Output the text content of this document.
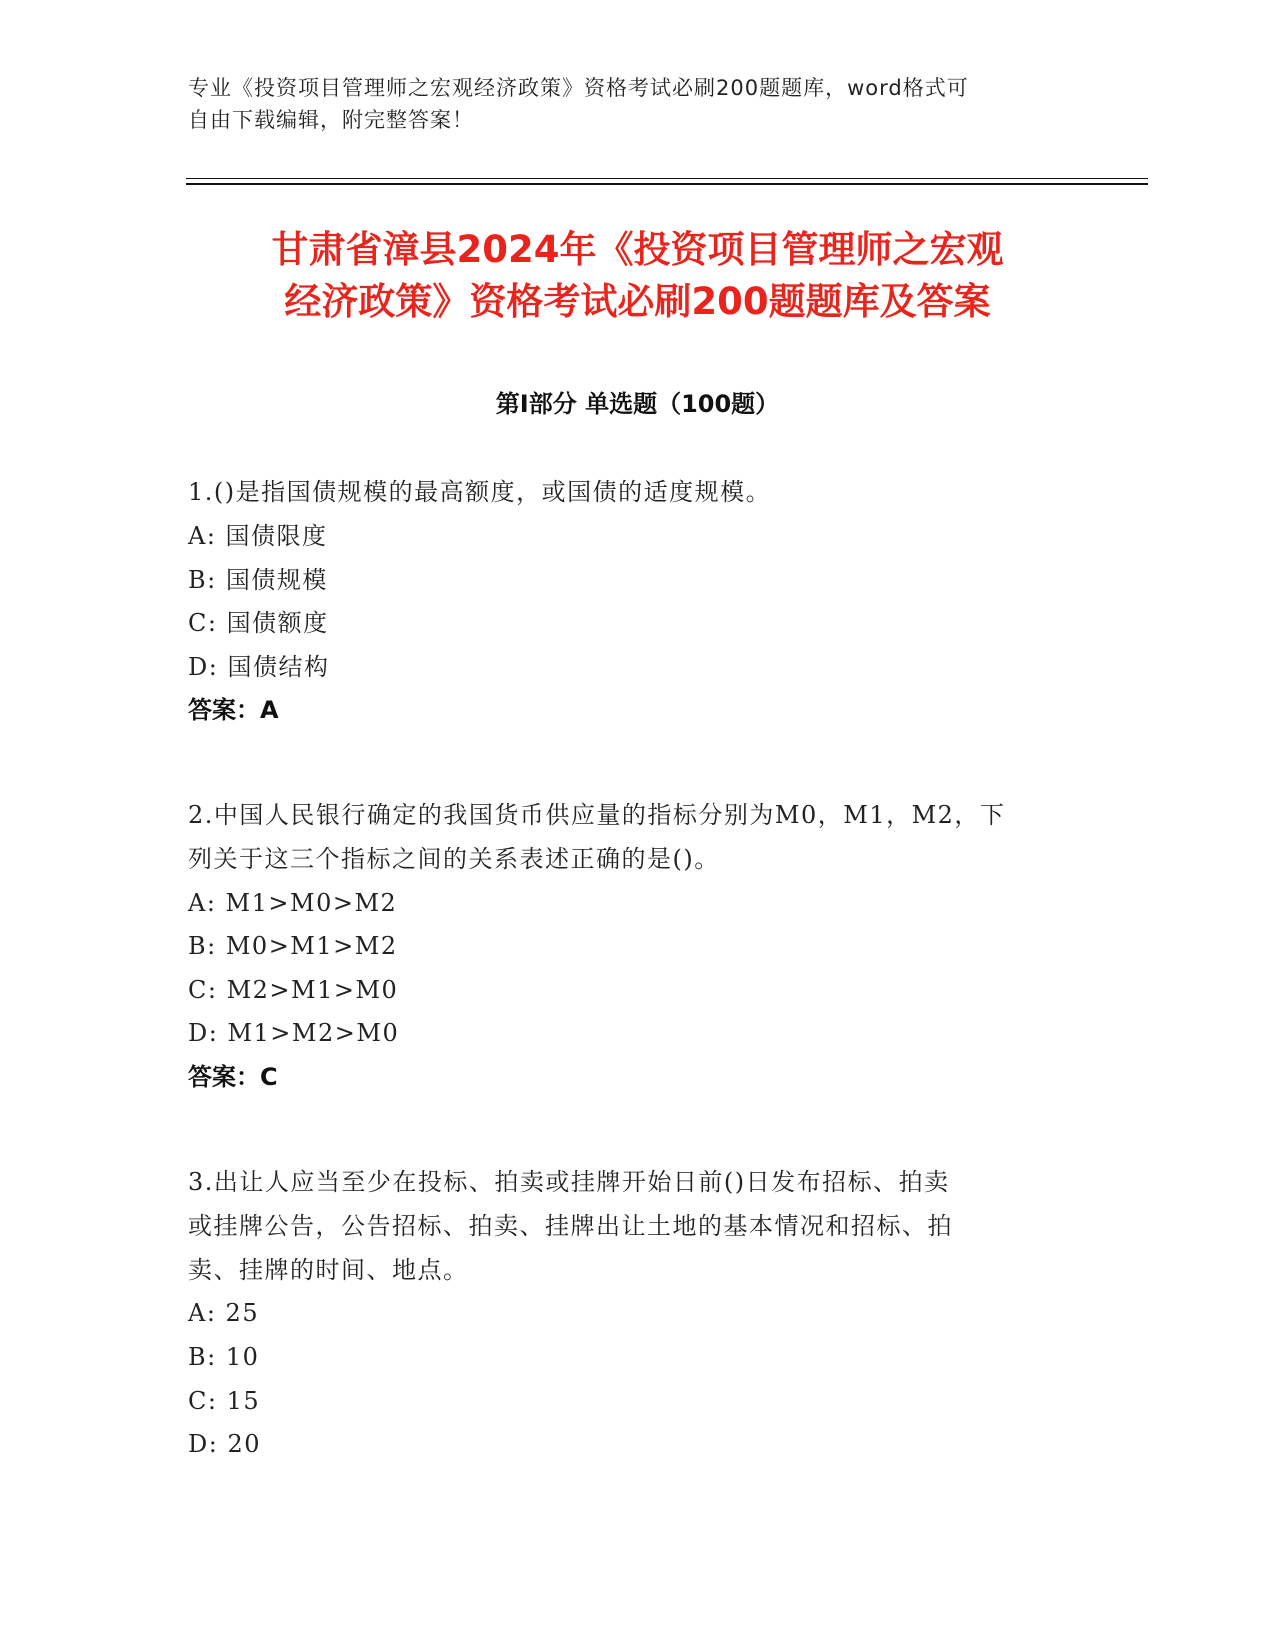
专业《投资项目管理师之宏观经济政策》资格考试必刷200题题库，word格式可
自由下载编辑，附完整答案！
甘肃省漳县2024年《投资项目管理师之宏观
经济政策》资格考试必刷200题题库及答案
第I部分 单选题（100题）
1.()是指国债规模的最高额度，或国债的适度规模。
A: 国债限度
B: 国债规模
C: 国债额度
D: 国债结构
答案：A
2.中国人民银行确定的我国货币供应量的指标分别为M0，M1，M2，下
列关于这三个指标之间的关系表述正确的是()。
A: M1>M0>M2
B: M0>M1>M2
C: M2>M1>M0
D: M1>M2>M0
答案：C
3.出让人应当至少在投标、拍卖或挂牌开始日前()日发布招标、拍卖
或挂牌公告，公告招标、拍卖、挂牌出让土地的基本情况和招标、拍
卖、挂牌的时间、地点。
A: 25
B: 10
C: 15
D: 20
